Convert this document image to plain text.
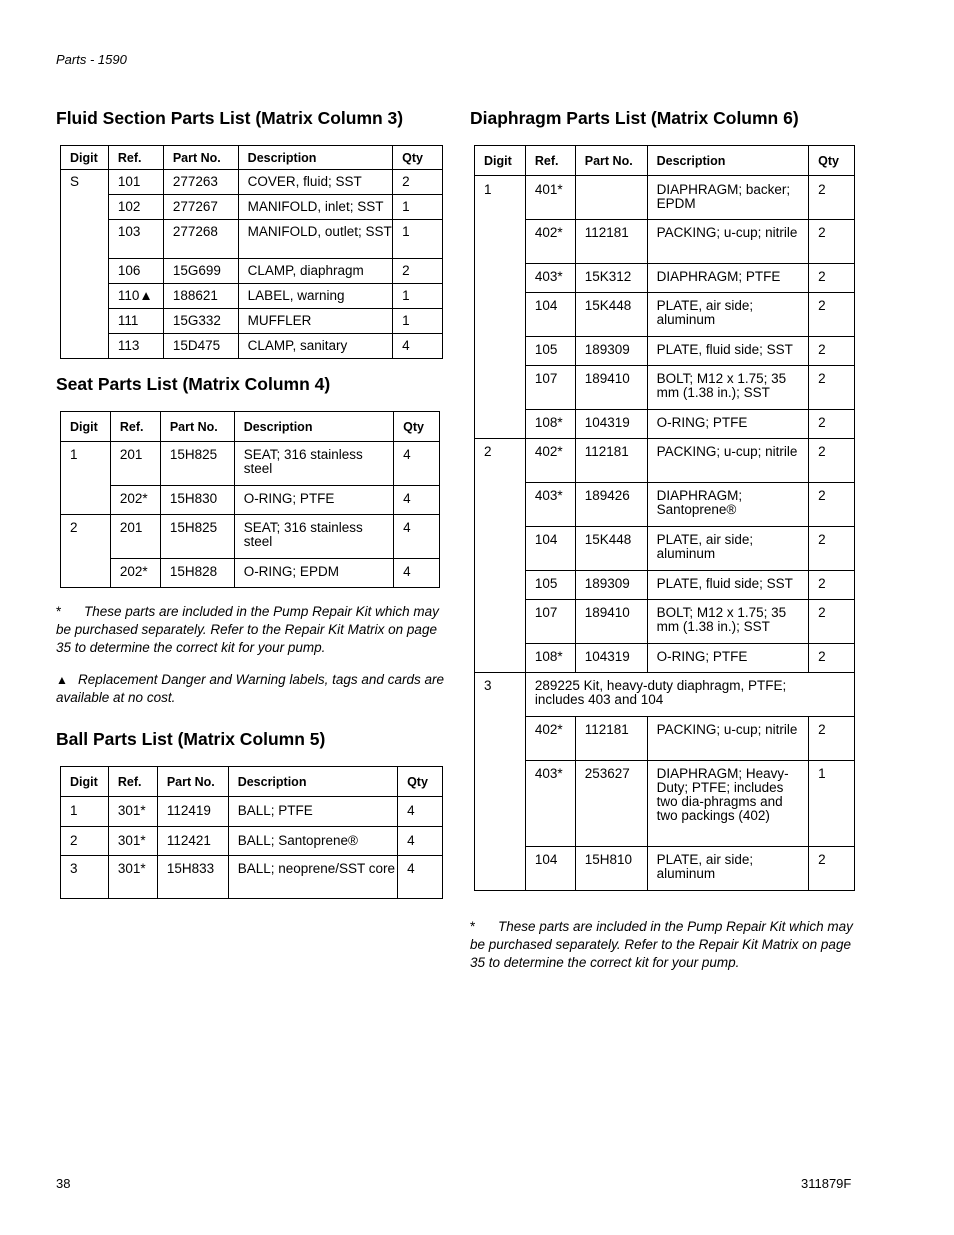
Parts - 1590
Fluid Section Parts List (Matrix Column 3)
Digit	Ref.	Part No.	Description	Qty
S	101	277263	COVER, fluid; SST	2
	102	277267	MANIFOLD, inlet; SST	1
	103	277268	MANIFOLD, outlet; SST	1
	106	15G699	CLAMP, diaphragm	2
	110▲	188621	LABEL, warning	1
	111	15G332	MUFFLER	1
	113	15D475	CLAMP, sanitary	4
Seat Parts List (Matrix Column 4)
Digit	Ref.	Part No.	Description	Qty
1	201	15H825	SEAT; 316 stainless steel	4
	202*	15H830	O-RING; PTFE	4
2	201	15H825	SEAT; 316 stainless steel	4
	202*	15H828	O-RING; EPDM	4
* These parts are included in the Pump Repair Kit which may be purchased separately. Refer to the Repair Kit Matrix on page 35 to determine the correct kit for your pump.
▲ Replacement Danger and Warning labels, tags and cards are available at no cost.
Ball Parts List (Matrix Column 5)
Digit	Ref.	Part No.	Description	Qty
1	301*	112419	BALL; PTFE	4
2	301*	112421	BALL; Santoprene®	4
3	301*	15H833	BALL; neoprene/SST core	4
Diaphragm Parts List (Matrix Column 6)
Digit	Ref.	Part No.	Description	Qty
1	401*		DIAPHRAGM; backer; EPDM	2
	402*	112181	PACKING; u-cup; nitrile	2
	403*	15K312	DIAPHRAGM; PTFE	2
	104	15K448	PLATE, air side; aluminum	2
	105	189309	PLATE, fluid side; SST	2
	107	189410	BOLT; M12 x 1.75; 35 mm (1.38 in.); SST	2
	108*	104319	O-RING; PTFE	2
2	402*	112181	PACKING; u-cup; nitrile	2
	403*	189426	DIAPHRAGM; Santoprene®	2
	104	15K448	PLATE, air side; aluminum	2
	105	189309	PLATE, fluid side; SST	2
	107	189410	BOLT; M12 x 1.75; 35 mm (1.38 in.); SST	2
	108*	104319	O-RING; PTFE	2
3	289225 Kit, heavy-duty diaphragm, PTFE; includes 403 and 104			
	402*	112181	PACKING; u-cup; nitrile	2
	403*	253627	DIAPHRAGM; Heavy-Duty; PTFE; includes two dia-phragms and two packings (402)	1
	104	15H810	PLATE, air side; aluminum	2
* These parts are included in the Pump Repair Kit which may be purchased separately. Refer to the Repair Kit Matrix on page 35 to determine the correct kit for your pump.
38	311879F
